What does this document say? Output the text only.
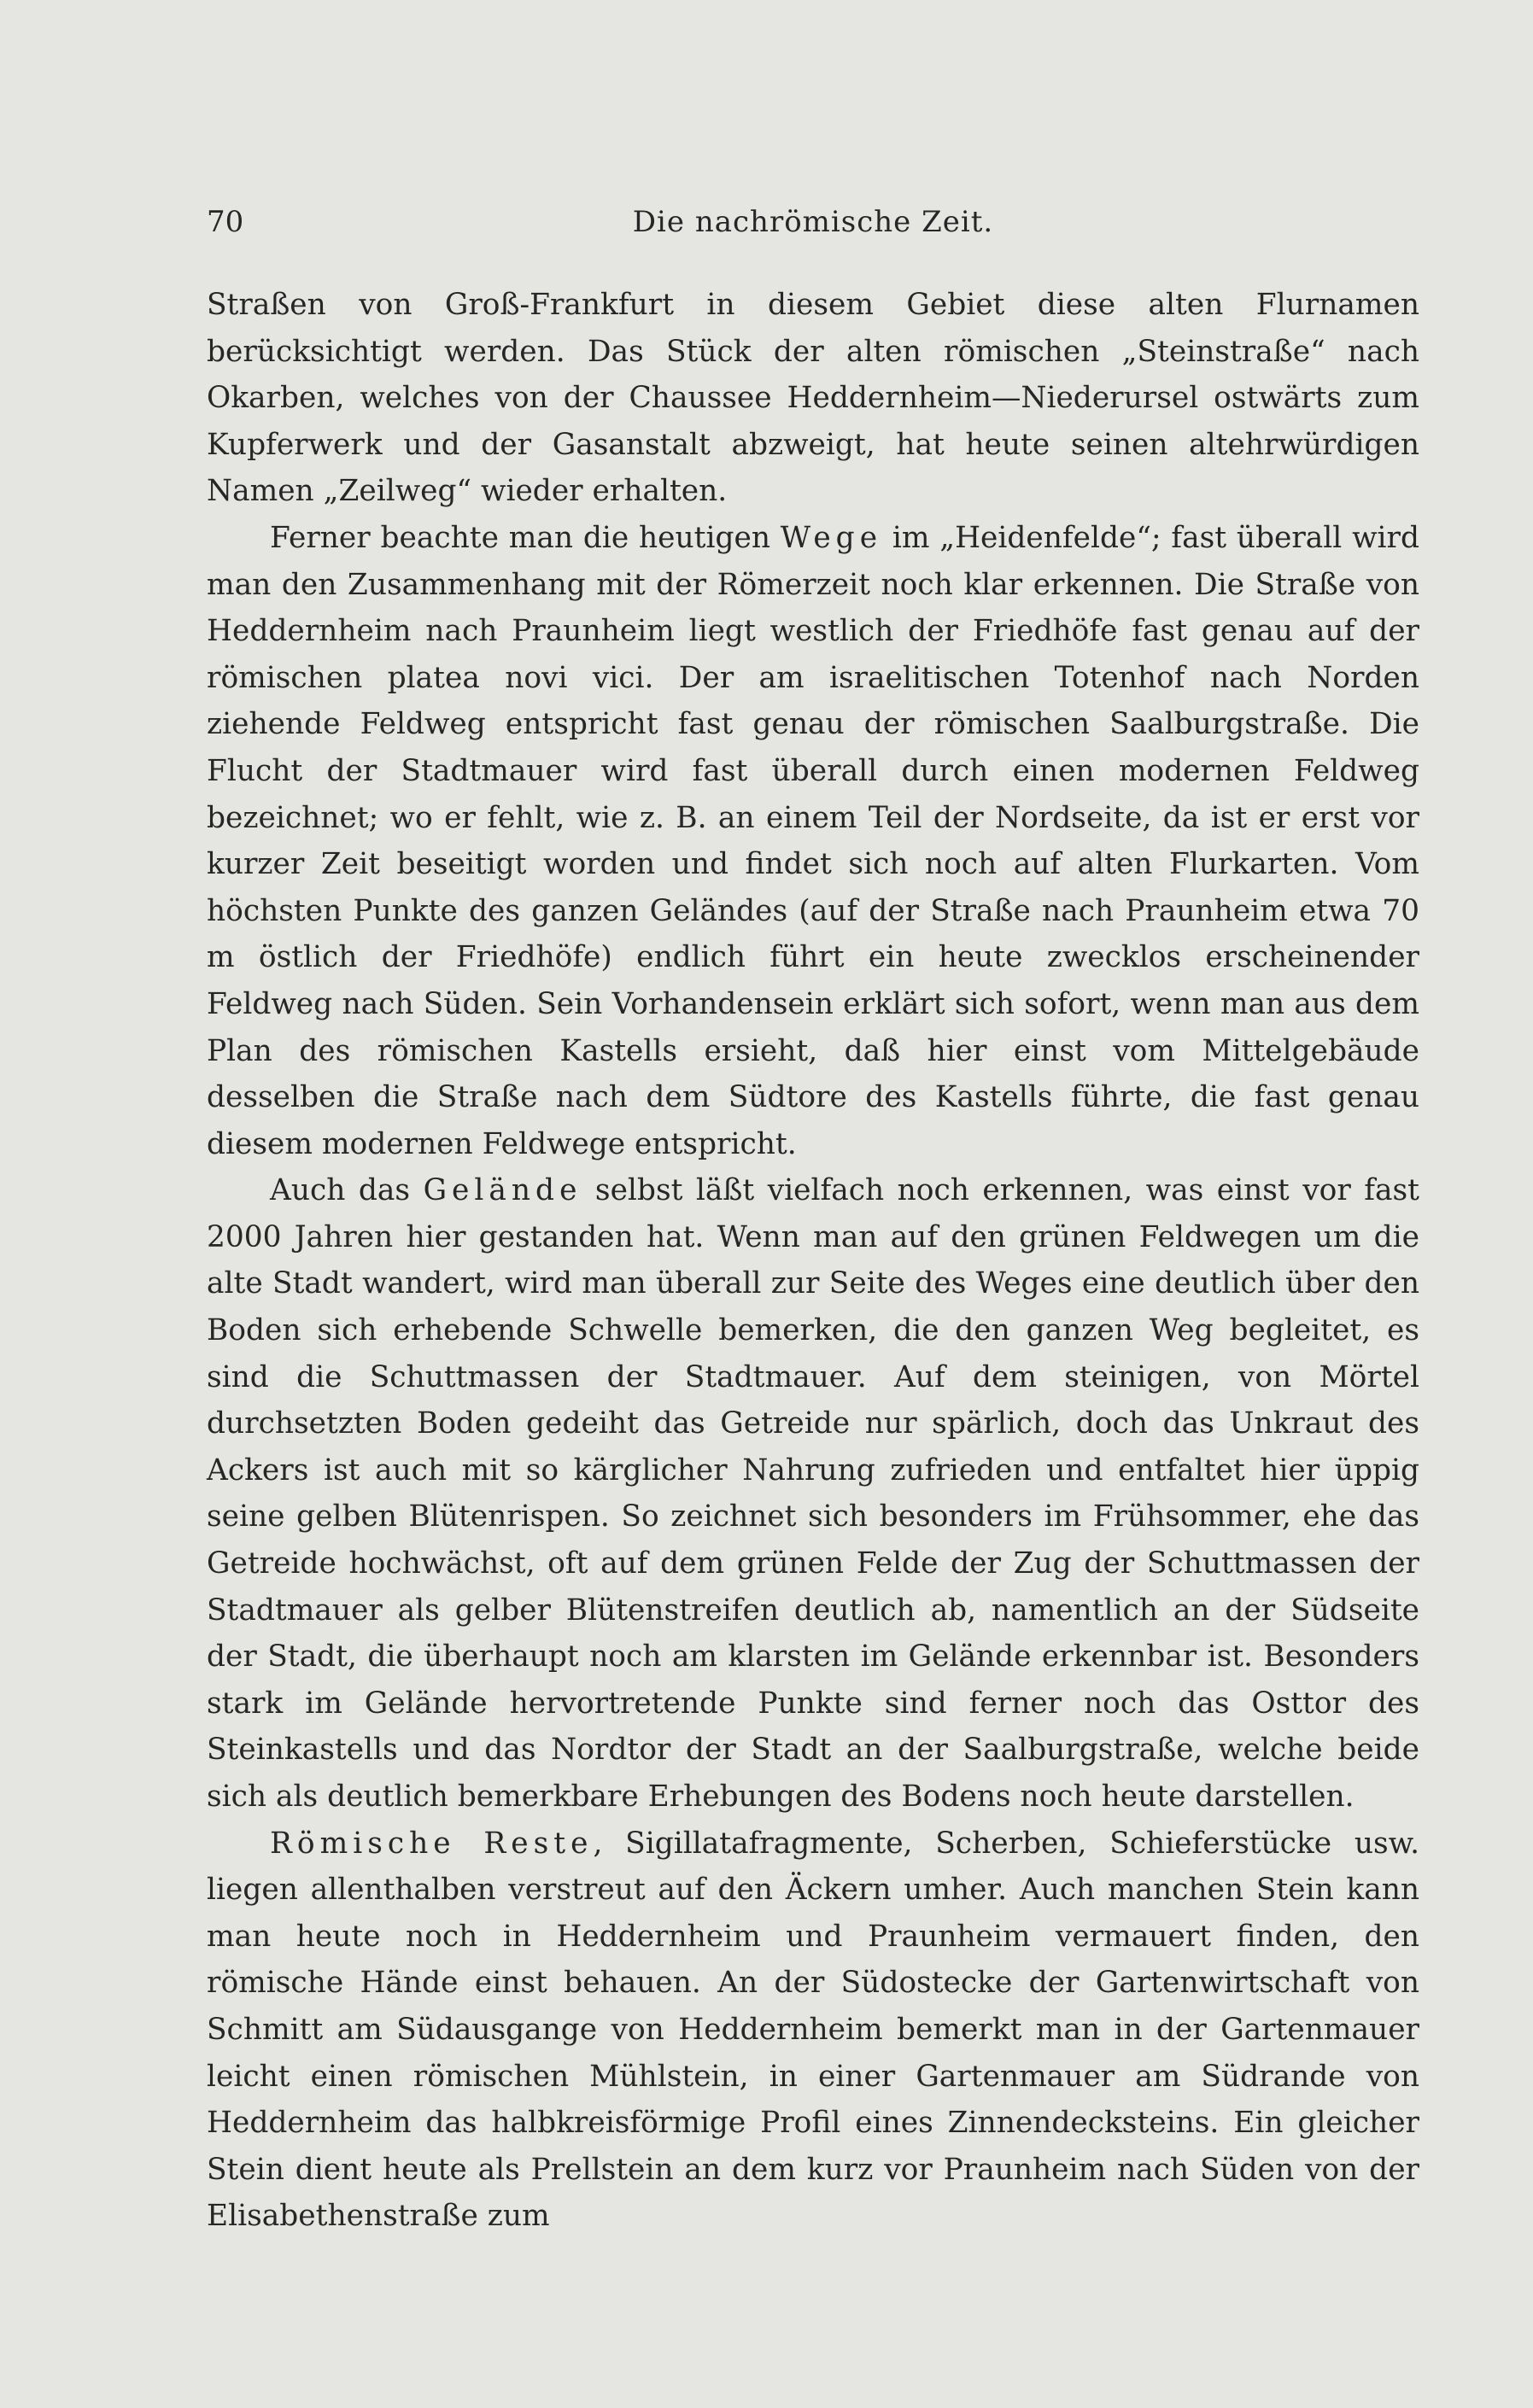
70	Die nachrömische Zeit.

Straßen von Groß-Frankfurt in diesem Gebiet diese alten Flurnamen berücksichtigt werden. Das Stück der alten römischen „Steinstraße“ nach Okarben, welches von der Chaussee Heddernheim—Niederursel ostwärts zum Kupferwerk und der Gasanstalt abzweigt, hat heute seinen altehrwürdigen Namen „Zeilweg“ wieder erhalten.

Ferner beachte man die heutigen Wege im „Heidenfelde“; fast überall wird man den Zusammenhang mit der Römerzeit noch klar erkennen. Die Straße von Heddernheim nach Praunheim liegt westlich der Friedhöfe fast genau auf der römischen platea novi vici. Der am israelitischen Totenhof nach Norden ziehende Feldweg entspricht fast genau der römischen Saalburgstraße. Die Flucht der Stadtmauer wird fast überall durch einen modernen Feldweg bezeichnet; wo er fehlt, wie z. B. an einem Teil der Nordseite, da ist er erst vor kurzer Zeit beseitigt worden und findet sich noch auf alten Flurkarten. Vom höchsten Punkte des ganzen Geländes (auf der Straße nach Praunheim etwa 70 m östlich der Friedhöfe) endlich führt ein heute zwecklos erscheinender Feldweg nach Süden. Sein Vorhandensein erklärt sich sofort, wenn man aus dem Plan des römischen Kastells ersieht, daß hier einst vom Mittelgebäude desselben die Straße nach dem Südtore des Kastells führte, die fast genau diesem modernen Feldwege entspricht.

Auch das Gelände selbst läßt vielfach noch erkennen, was einst vor fast 2000 Jahren hier gestanden hat. Wenn man auf den grünen Feldwegen um die alte Stadt wandert, wird man überall zur Seite des Weges eine deutlich über den Boden sich erhebende Schwelle bemerken, die den ganzen Weg begleitet, es sind die Schuttmassen der Stadtmauer. Auf dem steinigen, von Mörtel durchsetzten Boden gedeiht das Getreide nur spärlich, doch das Unkraut des Ackers ist auch mit so kärglicher Nahrung zufrieden und entfaltet hier üppig seine gelben Blütenrispen. So zeichnet sich besonders im Frühsommer, ehe das Getreide hochwächst, oft auf dem grünen Felde der Zug der Schuttmassen der Stadtmauer als gelber Blütenstreifen deutlich ab, namentlich an der Südseite der Stadt, die überhaupt noch am klarsten im Gelände erkennbar ist. Besonders stark im Gelände hervortretende Punkte sind ferner noch das Osttor des Steinkastells und das Nordtor der Stadt an der Saalburgstraße, welche beide sich als deutlich bemerkbare Erhebungen des Bodens noch heute darstellen.

Römische Reste, Sigillatafragmente, Scherben, Schieferstücke usw. liegen allenthalben verstreut auf den Äckern umher. Auch manchen Stein kann man heute noch in Heddernheim und Praunheim vermauert finden, den römische Hände einst behauen. An der Südostecke der Gartenwirtschaft von Schmitt am Südausgange von Heddernheim bemerkt man in der Gartenmauer leicht einen römischen Mühlstein, in einer Gartenmauer am Südrande von Heddernheim das halbkreisförmige Profil eines Zinnendecksteins. Ein gleicher Stein dient heute als Prellstein an dem kurz vor Praunheim nach Süden von der Elisabethenstraße zum
